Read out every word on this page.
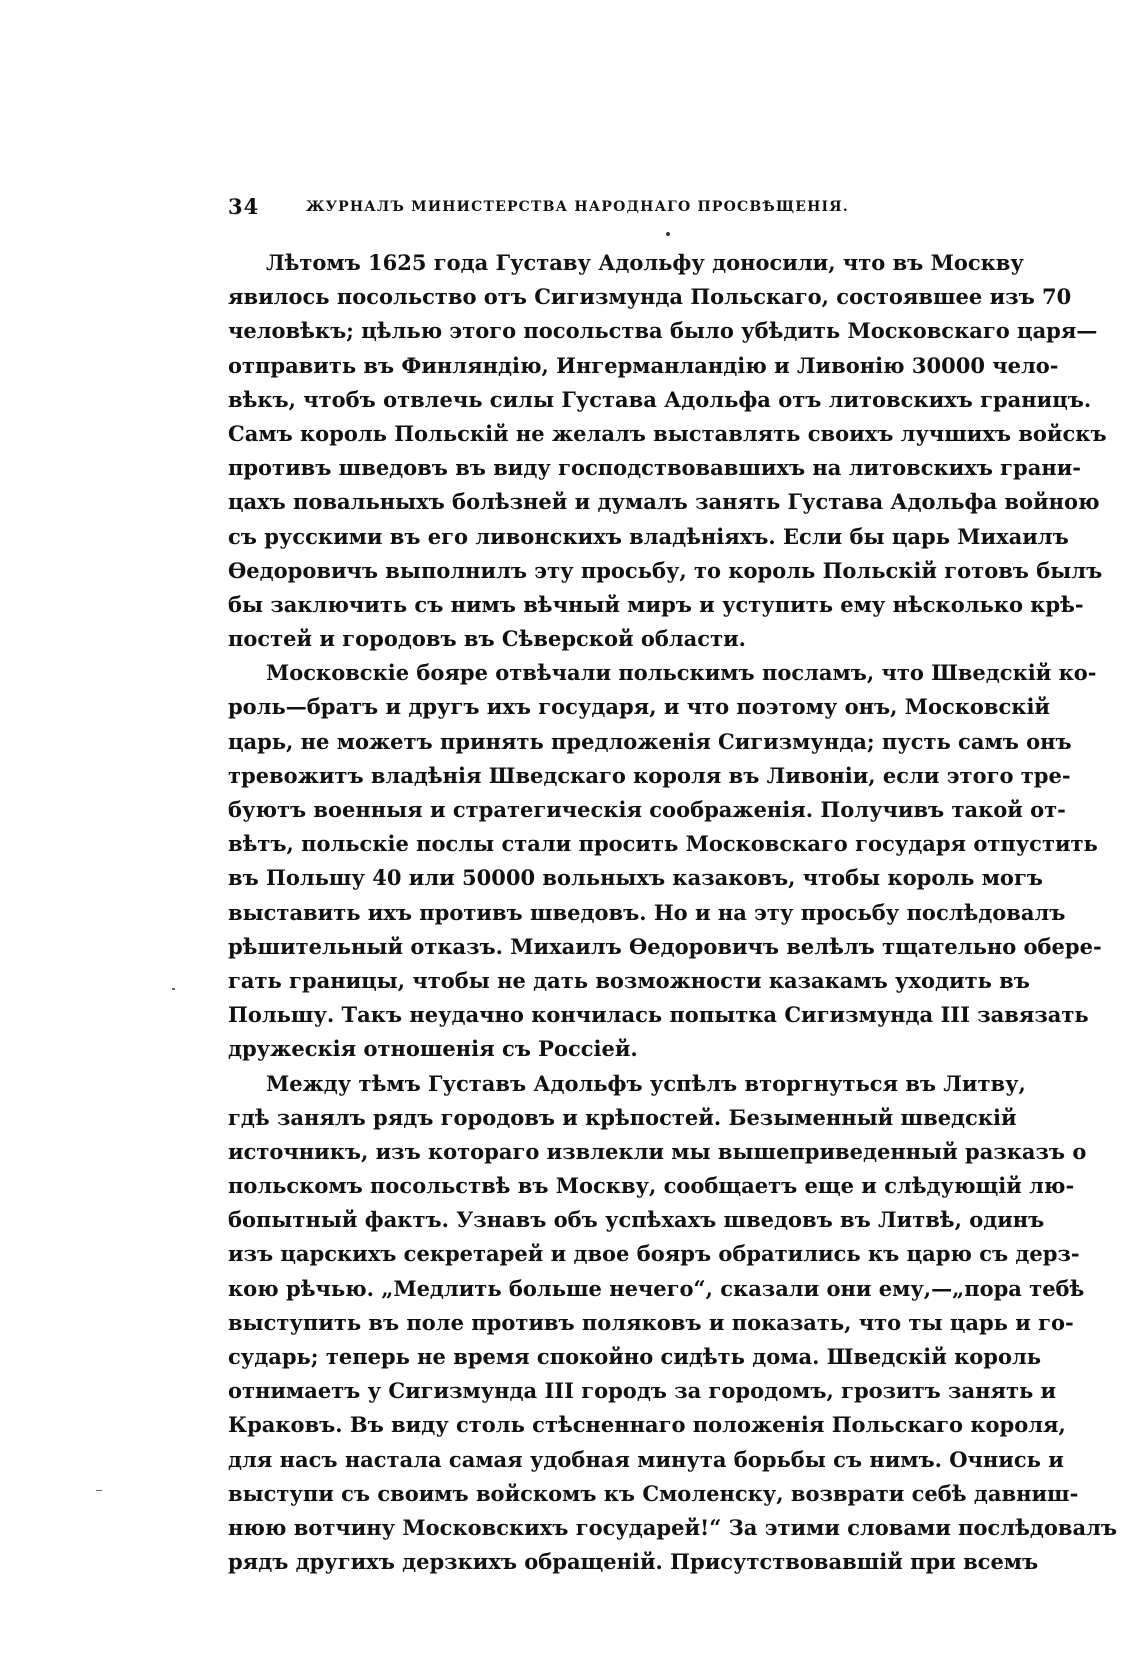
34	ЖУРНАЛЪ МИНИСТЕРСТВА НАРОДНАГО ПРОСВѢЩЕНІЯ.
Лѣтомъ 1625 года Густаву Адольфу доносили, что въ Москву
явилось посольство отъ Сигизмунда Польскаго, состоявшее изъ 70
человѣкъ; цѣлью этого посольства было убѣдить Московскаго царя—
отправить въ Финляндію, Ингерманландію и Ливонію 30000 чело-
вѣкъ, чтобъ отвлечь силы Густава Адольфа отъ литовскихъ границъ.
Самъ король Польскій не желалъ выставлять своихъ лучшихъ войскъ
противъ шведовъ въ виду господствовавшихъ на литовскихъ грани-
цахъ повальныхъ болѣзней и думалъ занять Густава Адольфа войною
съ русскими въ его ливонскихъ владѣніяхъ. Если бы царь Михаилъ
Ѳедоровичъ выполнилъ эту просьбу, то король Польскій готовъ былъ
бы заключить съ нимъ вѣчный миръ и уступить ему нѣсколько крѣ-
постей и городовъ въ Сѣверской области.
Московскіе бояре отвѣчали польскимъ посламъ, что Шведскій ко-
роль—братъ и другъ ихъ государя, и что поэтому онъ, Московскій
царь, не можетъ принять предложенія Сигизмунда; пусть самъ онъ
тревожитъ владѣнія Шведскаго короля въ Ливоніи, если этого тре-
буютъ военныя и стратегическія соображенія. Получивъ такой от-
вѣтъ, польскіе послы стали просить Московскаго государя отпустить
въ Польшу 40 или 50000 вольныхъ казаковъ, чтобы король могъ
выставить ихъ противъ шведовъ. Но и на эту просьбу послѣдовалъ
рѣшительный отказъ. Михаилъ Ѳедоровичъ велѣлъ тщательно обере-
гать границы, чтобы не дать возможности казакамъ уходить въ
Польшу. Такъ неудачно кончилась попытка Сигизмунда III завязать
дружескія отношенія съ Россіей.
Между тѣмъ Густавъ Адольфъ успѣлъ вторгнуться въ Литву,
гдѣ занялъ рядъ городовъ и крѣпостей. Безыменный шведскій
источникъ, изъ котораго извлекли мы вышеприведенный разказъ о
польскомъ посольствѣ въ Москву, сообщаетъ еще и слѣдующій лю-
бопытный фактъ. Узнавъ объ успѣхахъ шведовъ въ Литвѣ, одинъ
изъ царскихъ секретарей и двое бояръ обратились къ царю съ дерз-
кою рѣчью. „Медлить больше нечего“, сказали они ему,—„пора тебѣ
выступить въ поле противъ поляковъ и показать, что ты царь и го-
сударь; теперь не время спокойно сидѣть дома. Шведскій король
отнимаетъ у Сигизмунда III городъ за городомъ, грозитъ занять и
Краковъ. Въ виду столь стѣсненнаго положенія Польскаго короля,
для насъ настала самая удобная минута борьбы съ нимъ. Очнись и
выступи съ своимъ войскомъ къ Смоленску, возврати себѣ давниш-
нюю вотчину Московскихъ государей!“ За этими словами послѣдовалъ
рядъ другихъ дерзкихъ обращеній. Присутствовавшій при всемъ
